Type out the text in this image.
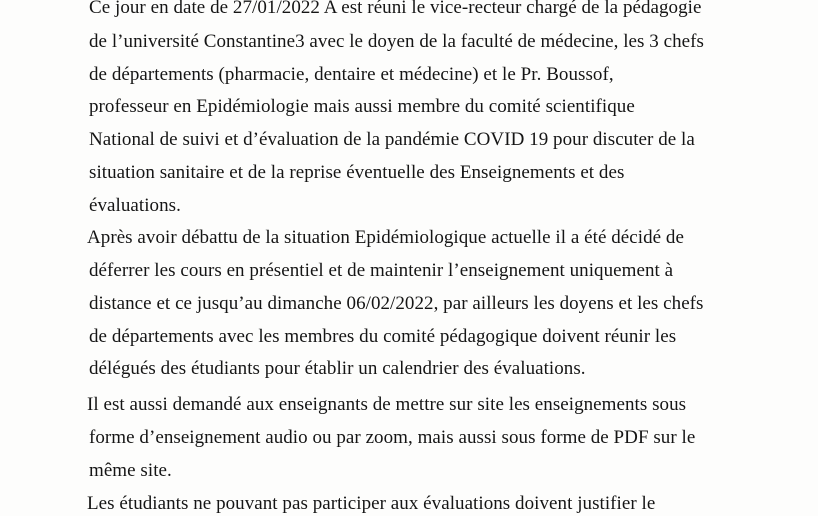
Ce jour en date de 27/01/2022 A est réuni le vice-recteur chargé de la pédagogie
de l’université Constantine3 avec le doyen de la faculté de médecine, les 3 chefs
de départements (pharmacie, dentaire et médecine) et le Pr. Boussof,
professeur en Epidémiologie mais aussi membre du comité scientifique
National de suivi et d’évaluation de la pandémie COVID 19 pour discuter de la
situation sanitaire et de la reprise éventuelle des Enseignements et des
évaluations.
Après avoir débattu de la situation Epidémiologique actuelle il a été décidé de
déferrer les cours en présentiel et de maintenir l’enseignement uniquement à
distance et ce jusqu’au dimanche 06/02/2022, par ailleurs les doyens et les chefs
de départements avec les membres du comité pédagogique doivent réunir les
délégués des étudiants pour établir un calendrier des évaluations.
Il est aussi demandé aux enseignants de mettre sur site les enseignements sous
forme d’enseignement audio ou par zoom, mais aussi sous forme de PDF sur le
même site.
Les étudiants ne pouvant pas participer aux évaluations doivent justifier le
